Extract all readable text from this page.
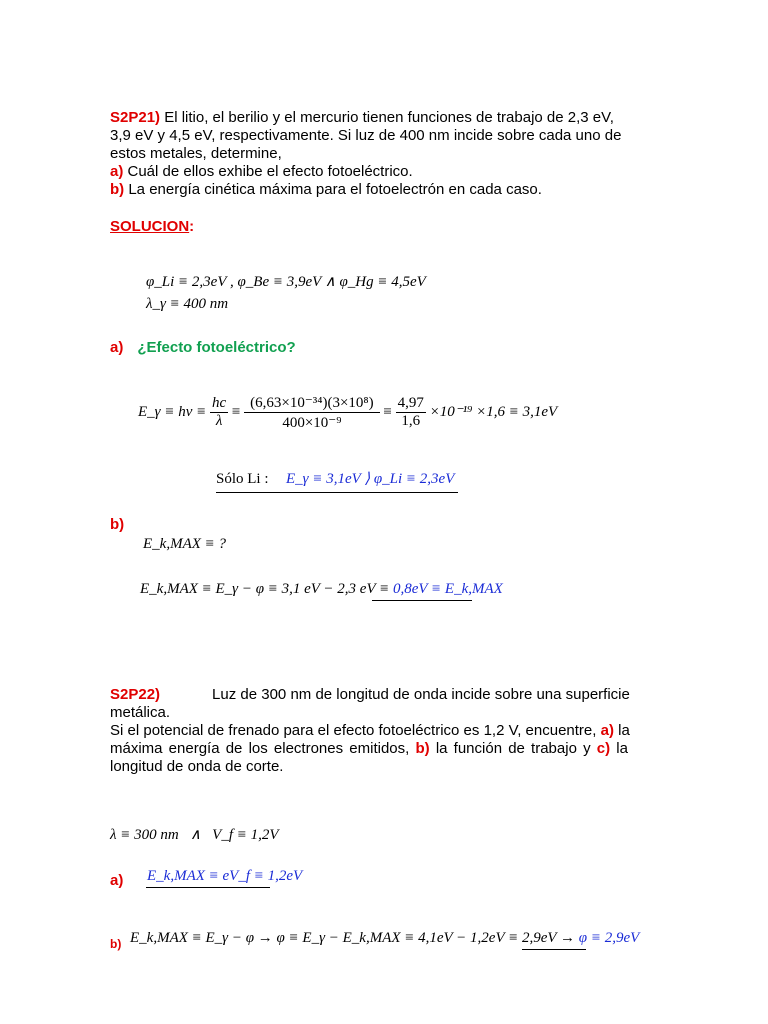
S2P21) El litio, el berilio y el mercurio tienen funciones de trabajo de 2,3 eV,
3,9 eV y 4,5 eV, respectivamente. Si luz de 400 nm incide sobre cada uno de
estos metales, determine,
a) Cuál de ellos exhibe el efecto fotoeléctrico.
b) La energía cinética máxima para el fotoelectrón en cada caso.
SOLUCION:
φ_Li ≡ 2,3eV , φ_Be ≡ 3,9eV ∧ φ_Hg ≡ 4,5eV
λ_γ ≡ 400 nm
a) ¿Efecto fotoeléctrico?
E_γ ≡ $h\nu \equiv \frac{hc}{\lambda} \equiv \frac{\text{(6,63×10⁻³⁴)(3×10⁸)}}{\text{400×10⁻⁹}} \equiv \frac{4,97}{1,6} \times 10^{-19} \times 1,6 \equiv 3,1eV$
Sólo Li : E_γ ≡ 3,1eV ⟩ φ_Li ≡ 2,3eV
b)
E_k,MAX ≡ ?
E_k,MAX ≡ E_γ − φ ≡ 3,1 eV − 2,3 eV ≡ 0,8eV ≡ E_k,MAX
S2P22)	Luz de 300 nm de longitud de onda incide sobre una superficie
metálica.
Si el potencial de frenado para el efecto fotoeléctrico es 1,2 V, encuentre, a) la
máxima energía de los electrones emitidos, b) la función de trabajo y c) la
longitud de onda de corte.
λ ≡ 300 nm   ∧   V_f ≡ 1,2V
a) E_k,MAX ≡ eV_f ≡ 1,2eV
b) E_k,MAX ≡ E_γ − φ → φ ≡ E_γ − E_k,MAX ≡ 4,1eV − 1,2eV ≡ 2,9eV → φ ≡ 2,9eV
